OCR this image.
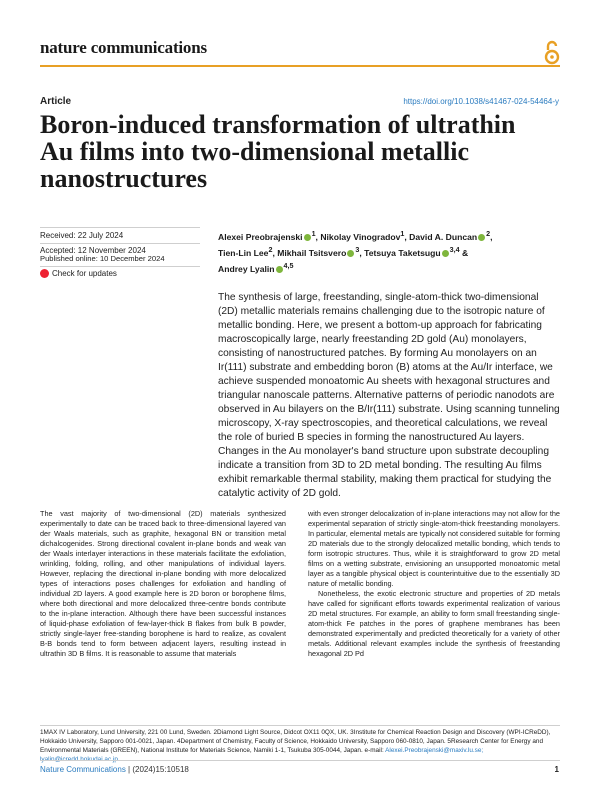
nature communications
Article	https://doi.org/10.1038/s41467-024-54464-y
Boron-induced transformation of ultrathin Au films into two-dimensional metallic nanostructures
Received: 22 July 2024
Accepted: 12 November 2024
Published online: 10 December 2024
Check for updates
Alexei Preobrajenski $^1$, Nikolay Vinogradov$^1$, David A. Duncan $^2$,
Tien-Lin Lee$^2$, Mikhail Tsitsvero $^3$, Tetsuya Taketsugu $^{3,4}$ &
Andrey Lyalin $^{4,5}$
The synthesis of large, freestanding, single-atom-thick two-dimensional (2D) metallic materials remains challenging due to the isotropic nature of metallic bonding. Here, we present a bottom-up approach for fabricating macroscopically large, nearly freestanding 2D gold (Au) monolayers, consisting of nanostructured patches. By forming Au monolayers on an Ir(111) substrate and embedding boron (B) atoms at the Au/Ir interface, we achieve suspended monoatomic Au sheets with hexagonal structures and triangular nanoscale patterns. Alternative patterns of periodic nanodots are observed in Au bilayers on the B/Ir(111) substrate. Using scanning tunneling microscopy, X-ray spectroscopies, and theoretical calculations, we reveal the role of buried B species in forming the nanostructured Au layers. Changes in the Au monolayer's band structure upon substrate decoupling indicate a transition from 3D to 2D metal bonding. The resulting Au films exhibit remarkable thermal stability, making them practical for studying the catalytic activity of 2D gold.

The vast majority of two-dimensional (2D) materials synthesized experimentally to date can be traced back to three-dimensional layered van der Waals materials, such as graphite, hexagonal BN or transition metal dichalcogenides. Strong directional covalent in-plane bonds and weak van der Waals interlayer interactions in these materials facilitate the exfoliation, wrinkling, folding, rolling, and other manipulations of individual layers. However, replacing the directional in-plane bonding with more delocalized types of interactions poses challenges for exfoliation and handling of individual 2D layers. A good example here is 2D boron or borophene films, where both directional and more delocalized three-centre bonds contribute to the in-plane interaction. Although there have been successful instances of liquid-phase exfoliation of few-layer-thick B flakes from bulk B powder, strictly single-layer free-standing borophene is hard to realize, as covalent B-B bonds tend to form between adjacent layers, resulting instead in ultrathin 3D B films. It is reasonable to assume that materials

with even stronger delocalization of in-plane interactions may not allow for the experimental separation of strictly single-atom-thick freestanding monolayers. In particular, elemental metals are typically not considered suitable for forming 2D materials due to the strongly delocalized metallic bonding, which tends to form isotropic structures. Thus, while it is straightforward to grow 2D metal films on a wetting substrate, envisioning an unsupported monoatomic metal layer as a tangible physical object is counterintuitive due to the essentially 3D nature of metallic bonding.

Nonetheless, the exotic electronic structure and properties of 2D metals have called for significant efforts towards experimental realization of various 2D metal structures. For example, an ability to form small freestanding single-atom-thick Fe patches in the pores of graphene membranes has been demonstrated experimentally and predicted theoretically for a variety of other metals. Additional relevant examples include the synthesis of freestanding hexagonal 2D Pd

1MAX IV Laboratory, Lund University, 221 00 Lund, Sweden. 2Diamond Light Source, Didcot OX11 0QX, UK. 3Institute for Chemical Reaction Design and Discovery (WPI-ICReDD), Hokkaido University, Sapporo 001-0021, Japan. 4Department of Chemistry, Faculty of Science, Hokkaido University, Sapporo 060-0810, Japan. 5Research Center for Energy and Environmental Materials (GREEN), National Institute for Materials Science, Namiki 1-1, Tsukuba 305-0044, Japan. e-mail: Alexei.Preobrajenski@maxiv.lu.se;
Nature Communications | (2024)15:10518	1
